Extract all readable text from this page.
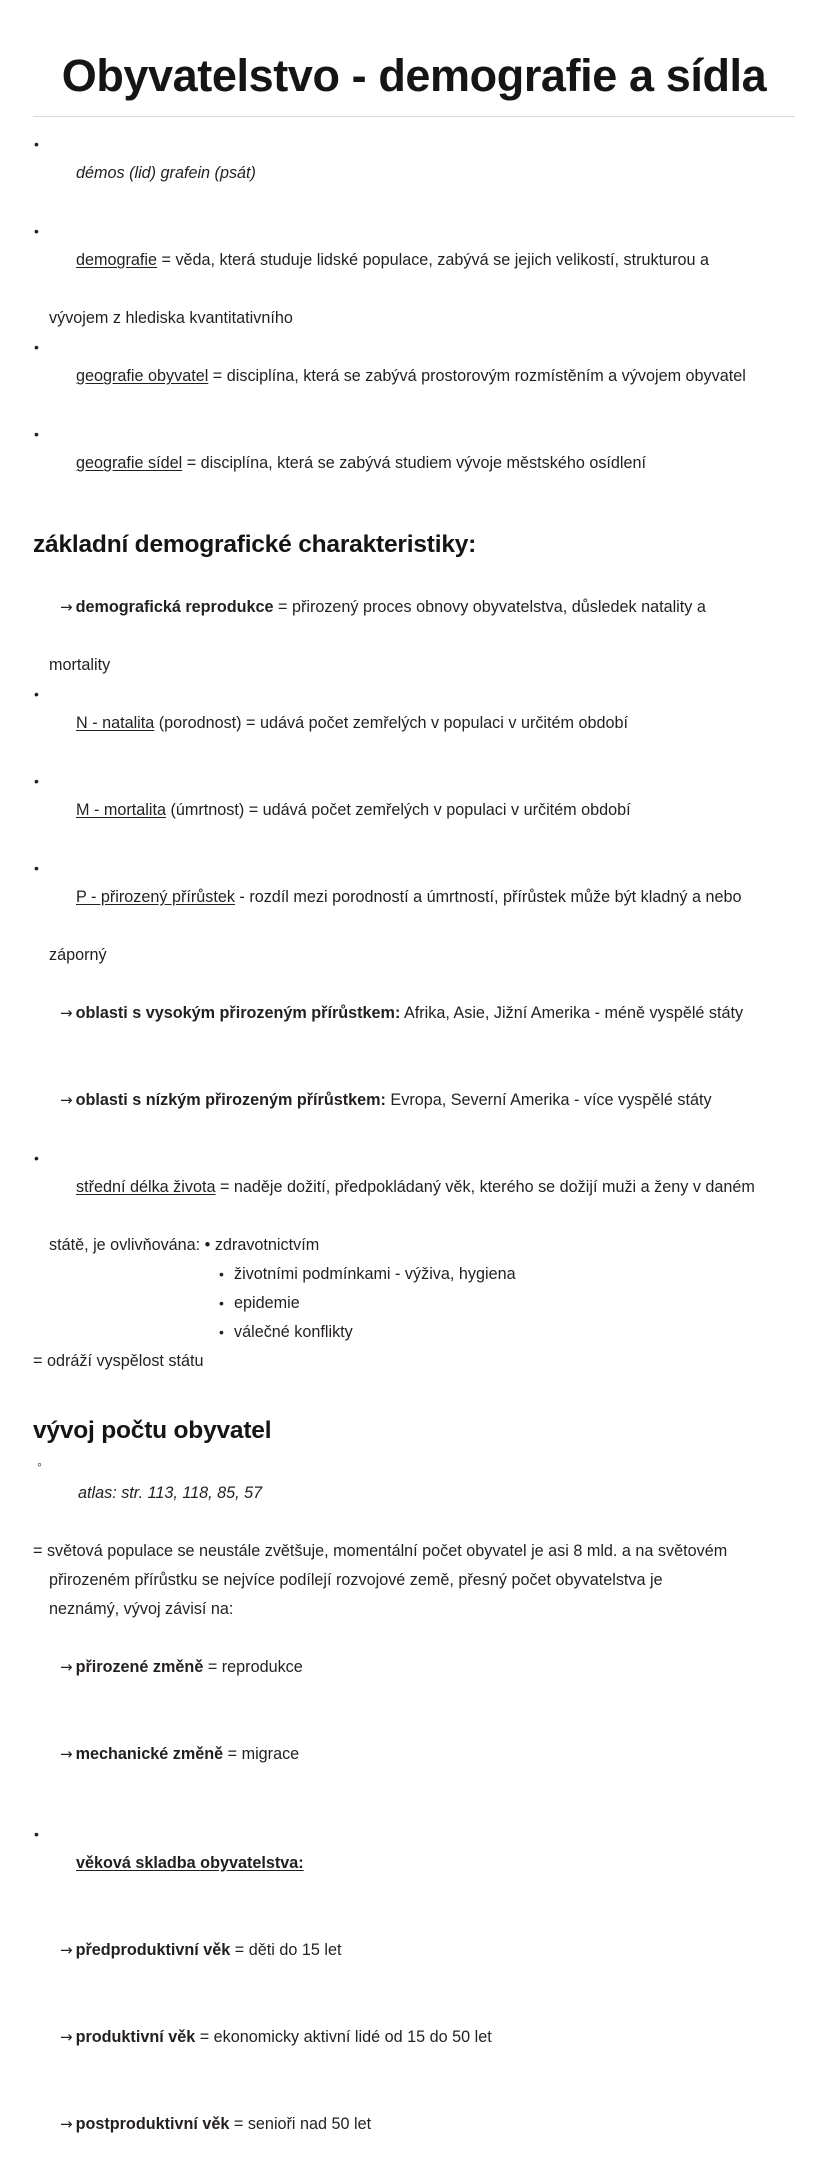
Obyvatelstvo - demografie a sídla

• démos (lid) grafein (psát)

• demografie = věda, která studuje lidské populace, zabývá se jejich velikostí, strukturou a

vývojem z hlediska kvantitativního

• geografie obyvatel = disciplína, která se zabývá prostorovým rozmístěním a vývojem obyvatel

• geografie sídel = disciplína, která se zabývá studiem vývoje městského osídlení

základní demografické charakteristiky:

→ demografická reprodukce = přirozený proces obnovy obyvatelstva, důsledek natality a

mortality

• N - natalita (porodnost) = udává počet zemřelých v populaci v určitém období

• M - mortalita (úmrtnost) = udává počet zemřelých v populaci v určitém období

• P - přirozený přírůstek - rozdíl mezi porodností a úmrtností, přírůstek může být kladný a nebo

záporný

→ oblasti s vysokým přirozeným přírůstkem: Afrika, Asie, Jižní Amerika - méně vyspělé státy

→ oblasti s nízkým přirozeným přírůstkem: Evropa, Severní Amerika - více vyspělé státy

• střední délka života = naděje dožití, předpokládaný věk, kterého se dožijí muži a ženy v daném

státě, je ovlivňována: • zdravotnictvím
• životními podmínkami - výživa, hygiena
• epidemie
• válečné konflikty
= odráží vyspělost státu
vývoj počtu obyvatel

◦ atlas: str. 113, 118, 85, 57

= světová populace se neustále zvětšuje, momentální počet obyvatel je asi 8 mld. a na světovém
přirozeném přírůstku se nejvíce podílejí rozvojové země, přesný počet obyvatelstva je
neznámý, vývoj závisí na:

→ přirozené změně = reprodukce

→ mechanické změně = migrace

• věková skladba obyvatelstva:

→ předproduktivní věk = děti do 15 let

→ produktivní věk = ekonomicky aktivní lidé od 15 do 50 let

→ postproduktivní věk = senioři nad 50 let
